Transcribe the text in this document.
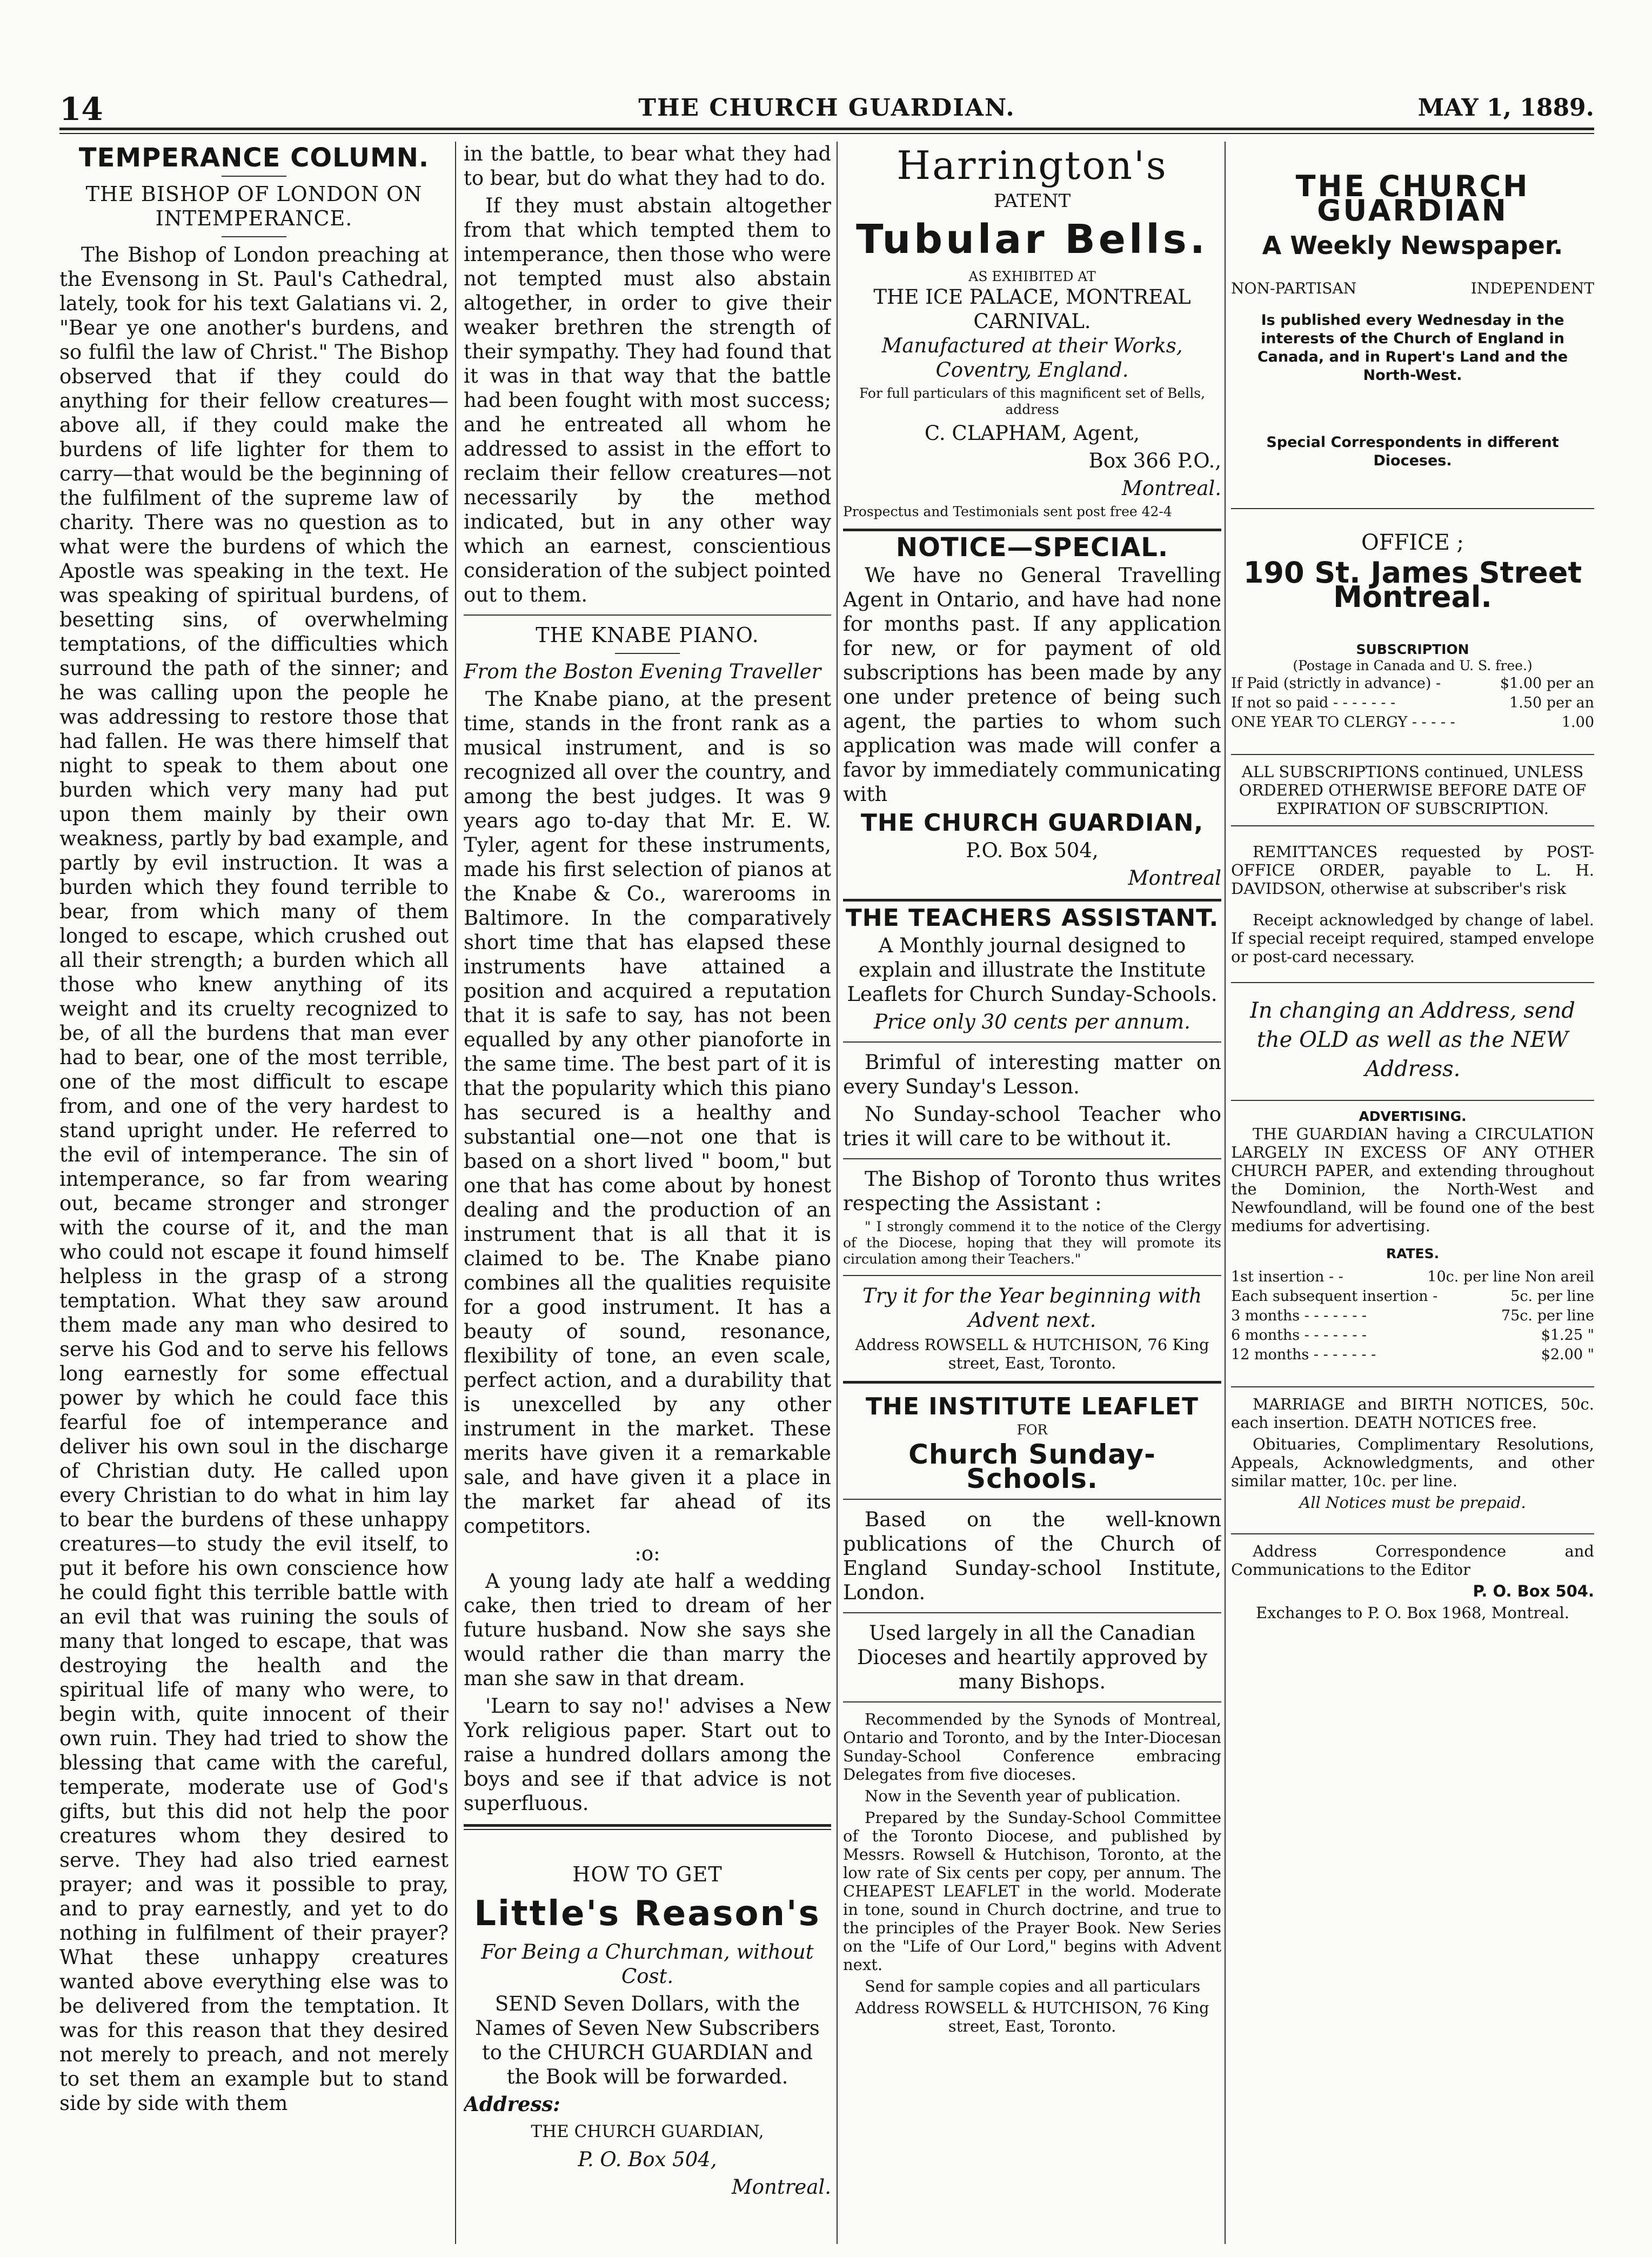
14	THE CHURCH GUARDIAN.	MAY 1, 1889.
TEMPERANCE COLUMN.
THE BISHOP OF LONDON ON INTEMPERANCE.

The Bishop of London preaching at the Evensong in St. Paul's Cathedral, lately, took for his text Galatians vi. 2, "Bear ye one another's burdens, and so fulfil the law of Christ." The Bishop observed that if they could do anything for their fellow creatures—above all, if they could make the burdens of life lighter for them to carry—that would be the beginning of the fulfilment of the supreme law of charity. There was no question as to what were the burdens of which the Apostle was speaking in the text. He was speaking of spiritual burdens, of besetting sins, of overwhelming temptations, of the difficulties which surround the path of the sinner; and he was calling upon the people he was addressing to restore those that had fallen. He was there himself that night to speak to them about one burden which very many had put upon them mainly by their own weakness, partly by bad example, and partly by evil instruction. It was a burden which they found terrible to bear, from which many of them longed to escape, which crushed out all their strength; a burden which all those who knew anything of its weight and its cruelty recognized to be, of all the burdens that man ever had to bear, one of the most terrible, one of the most difficult to escape from, and one of the very hardest to stand upright under. He referred to the evil of intemperance. The sin of intemperance, so far from wearing out, became stronger and stronger with the course of it, and the man who could not escape it found himself helpless in the grasp of a strong temptation. What they saw around them made any man who desired to serve his God and to serve his fellows long earnestly for some effectual power by which he could face this fearful foe of intemperance and deliver his own soul in the discharge of Christian duty. He called upon every Christian to do what in him lay to bear the burdens of these unhappy creatures—to study the evil itself, to put it before his own conscience how he could fight this terrible battle with an evil that was ruining the souls of many that longed to escape, that was destroying the health and the spiritual life of many who were, to begin with, quite innocent of their own ruin. They had tried to show the blessing that came with the careful, temperate, moderate use of God's gifts, but this did not help the poor creatures whom they desired to serve. They had also tried earnest prayer; and was it possible to pray, and to pray earnestly, and yet to do nothing in fulfilment of their prayer? What these unhappy creatures wanted above everything else was to be delivered from the temptation. It was for this reason that they desired not merely to preach, and not merely to set them an example but to stand side by side with them

in the battle, to bear what they had to bear, but do what they had to do.

If they must abstain altogether from that which tempted them to intemperance, then those who were not tempted must also abstain altogether, in order to give their weaker brethren the strength of their sympathy. They had found that it was in that way that the battle had been fought with most success; and he entreated all whom he addressed to assist in the effort to reclaim their fellow creatures—not necessarily by the method indicated, but in any other way which an earnest, conscientious consideration of the subject pointed out to them.

THE KNABE PIANO.

From the Boston Evening Traveller

The Knabe piano, at the present time, stands in the front rank as a musical instrument, and is so recognized all over the country, and among the best judges. It was 9 years ago to-day that Mr. E. W. Tyler, agent for these instruments, made his first selection of pianos at the Knabe & Co., warerooms in Baltimore. In the comparatively short time that has elapsed these instruments have attained a position and acquired a reputation that it is safe to say, has not been equalled by any other pianoforte in the same time. The best part of it is that the popularity which this piano has secured is a healthy and substantial one—not one that is based on a short lived " boom," but one that has come about by honest dealing and the production of an instrument that is all that it is claimed to be. The Knabe piano combines all the qualities requisite for a good instrument. It has a beauty of sound, resonance, flexibility of tone, an even scale, perfect action, and a durability that is unexcelled by any other instrument in the market. These merits have given it a remarkable sale, and have given it a place in the market far ahead of its competitors.

:o:

A young lady ate half a wedding cake, then tried to dream of her future husband. Now she says she would rather die than marry the man she saw in that dream.

'Learn to say no!' advises a New York religious paper. Start out to raise a hundred dollars among the boys and see if that advice is not superfluous.

HOW TO GET
Little's Reason's

For Being a Churchman, without Cost.

SEND Seven Dollars, with the Names of Seven New Subscribers to the CHURCH GUARDIAN and the Book will be forwarded.

Address:

THE CHURCH GUARDIAN,

P. O. Box 504,

Montreal.

Harrington's
PATENT
Tubular Bells.
AS EXHIBITED AT
THE ICE PALACE, MONTREAL CARNIVAL.

Manufactured at their Works, Coventry, England.

For full particulars of this magnificent set of Bells, address

C. CLAPHAM, Agent,

Box 366 P.O.,

Montreal.

Prospectus and Testimonials sent post free 42-4

NOTICE—SPECIAL.

We have no General Travelling Agent in Ontario, and have had none for months past. If any application for new, or for payment of old subscriptions has been made by any one under pretence of being such agent, the parties to whom such application was made will confer a favor by immediately communicating with

THE CHURCH GUARDIAN,

P.O. Box 504,

Montreal

THE TEACHERS ASSISTANT.

A Monthly journal designed to explain and illustrate the Institute Leaflets for Church Sunday-Schools.

Price only 30 cents per annum.

Brimful of interesting matter on every Sunday's Lesson.

No Sunday-school Teacher who tries it will care to be without it.

The Bishop of Toronto thus writes respecting the Assistant :

" I strongly commend it to the notice of the Clergy of the Diocese, hoping that they will promote its circulation among their Teachers."

Try it for the Year beginning with Advent next.

Address ROWSELL & HUTCHISON, 76 King street, East, Toronto.

THE INSTITUTE LEAFLET
FOR
Church Sunday-Schools.

Based on the well-known publications of the Church of England Sunday-school Institute, London.

Used largely in all the Canadian Dioceses and heartily approved by many Bishops.

Recommended by the Synods of Montreal, Ontario and Toronto, and by the Inter-Diocesan Sunday-School Conference embracing Delegates from five dioceses.

Now in the Seventh year of publication.

Prepared by the Sunday-School Committee of the Toronto Diocese, and published by Messrs. Rowsell & Hutchison, Toronto, at the low rate of Six cents per copy, per annum. The CHEAPEST LEAFLET in the world. Moderate in tone, sound in Church doctrine, and true to the principles of the Prayer Book. New Series on the "Life of Our Lord," begins with Advent next.

Send for sample copies and all particulars

Address ROWSELL & HUTCHISON, 76 King street, East, Toronto.

THE CHURCH GUARDIAN
A Weekly Newspaper.
NON-PARTISAN	INDEPENDENT

Is published every Wednesday in the interests of the Church of England in Canada, and in Rupert's Land and the North-West.

Special Correspondents in different Dioceses.

OFFICE ;
190 St. James Street Montreal.
SUBSCRIPTION
(Postage in Canada and U. S. free.)
If Paid (strictly in advance) -	$1.00 per an
If not so paid - - - - - - -	1.50 per an
ONE YEAR TO CLERGY - - - - -	1.00

ALL SUBSCRIPTIONS continued, UNLESS ORDERED OTHERWISE BEFORE DATE OF EXPIRATION OF SUBSCRIPTION.

REMITTANCES requested by POST-OFFICE ORDER, payable to L. H. DAVIDSON, otherwise at subscriber's risk

Receipt acknowledged by change of label. If special receipt required, stamped envelope or post-card necessary.

In changing an Address, send the OLD as well as the NEW Address.

ADVERTISING.

THE GUARDIAN having a CIRCULATION LARGELY IN EXCESS OF ANY OTHER CHURCH PAPER, and extending throughout the Dominion, the North-West and Newfoundland, will be found one of the best mediums for advertising.

RATES.
1st insertion - -	10c. per line Non areil
Each subsequent insertion -	5c. per line
3 months - - - - - - -	75c. per line
6 months - - - - - - -	$1.25 "
12 months - - - - - - -	$2.00 "

MARRIAGE and BIRTH NOTICES, 50c. each insertion. DEATH NOTICES free.

Obituaries, Complimentary Resolutions, Appeals, Acknowledgments, and other similar matter, 10c. per line.

All Notices must be prepaid.

Address Correspondence and Communications to the Editor

P. O. Box 504.

Exchanges to P. O. Box 1968, Montreal.
